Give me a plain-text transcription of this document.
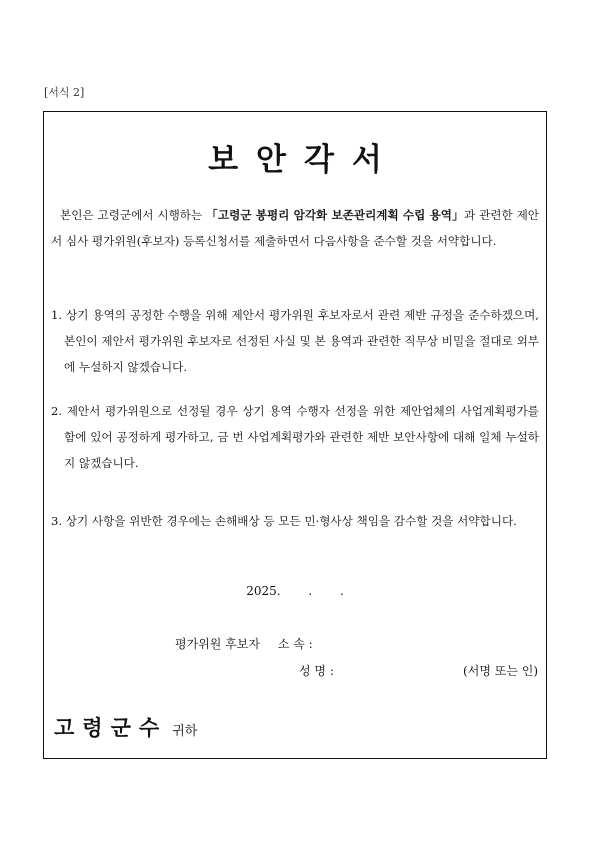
[서식 2]
보안각서
본인은 고령군에서 시행하는 「고령군 봉평리 암각화 보존관리계획 수립 용역」과 관련한 제안서 심사 평가위원(후보자) 등록신청서를 제출하면서 다음사항을 준수할 것을 서약합니다.
1. 상기 용역의 공정한 수행을 위해 제안서 평가위원 후보자로서 관련 제반 규정을 준수하겠으며, 본인이 제안서 평가위원 후보자로 선정된 사실 및 본 용역과 관련한 직무상 비밀을 절대로 외부에 누설하지 않겠습니다.
2. 제안서 평가위원으로 선정될 경우 상기 용역 수행자 선정을 위한 제안업체의 사업계획평가를 함에 있어 공정하게 평가하고, 금 번 사업계획평가와 관련한 제반 보안사항에 대해 일체 누설하지 않겠습니다.
3. 상기 사항을 위반한 경우에는 손해배상 등 모든 민·형사상 책임을 감수할 것을 서약합니다.
2025. . .
평가위원 후보자 소 속 :
성 명 :	(서명 또는 인)
고령군수 귀하
